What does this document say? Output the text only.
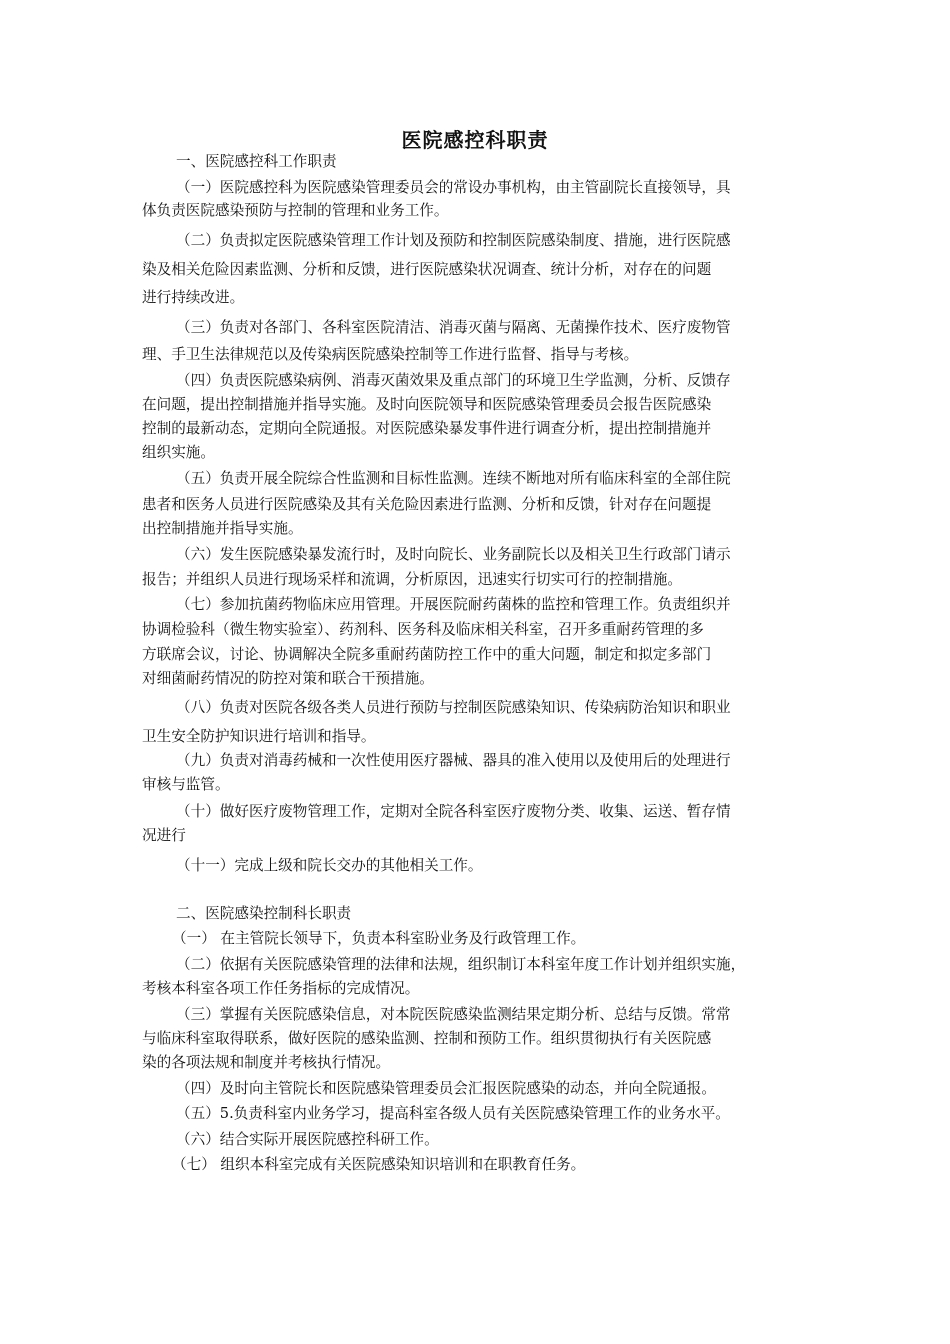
医院感控科职责
一、医院感控科工作职责
（一）医院感控科为医院感染管理委员会的常设办事机构，由主管副院长直接领导，具
体负责医院感染预防与控制的管理和业务工作。
（二）负责拟定医院感染管理工作计划及预防和控制医院感染制度、措施，进行医院感
染及相关危险因素监测、分析和反馈，进行医院感染状况调查、统计分析，对存在的问题
进行持续改进。
（三）负责对各部门、各科室医院清洁、消毒灭菌与隔离、无菌操作技术、医疗废物管
理、手卫生法律规范以及传染病医院感染控制等工作进行监督、指导与考核。
（四）负责医院感染病例、消毒灭菌效果及重点部门的环境卫生学监测，分析、反馈存
在问题，提出控制措施并指导实施。及时向医院领导和医院感染管理委员会报告医院感染
控制的最新动态，定期向全院通报。对医院感染暴发事件进行调查分析，提出控制措施并
组织实施。
（五）负责开展全院综合性监测和目标性监测。连续不断地对所有临床科室的全部住院
患者和医务人员进行医院感染及其有关危险因素进行监测、分析和反馈，针对存在问题提
出控制措施并指导实施。
（六）发生医院感染暴发流行时，及时向院长、业务副院长以及相关卫生行政部门请示
报告；并组织人员进行现场采样和流调，分析原因，迅速实行切实可行的控制措施。
（七）参加抗菌药物临床应用管理。开展医院耐药菌株的监控和管理工作。负责组织并
协调检验科（微生物实验室）、药剂科、医务科及临床相关科室，召开多重耐药管理的多
方联席会议，讨论、协调解决全院多重耐药菌防控工作中的重大问题，制定和拟定多部门
对细菌耐药情况的防控对策和联合干预措施。
（八）负责对医院各级各类人员进行预防与控制医院感染知识、传染病防治知识和职业
卫生安全防护知识进行培训和指导。
（九）负责对消毒药械和一次性使用医疗器械、器具的准入使用以及使用后的处理进行
审核与监管。
（十）做好医疗废物管理工作，定期对全院各科室医疗废物分类、收集、运送、暂存情
况进行
（十一）完成上级和院长交办的其他相关工作。
二、医院感染控制科长职责
（一） 在主管院长领导下，负责本科室盼业务及行政管理工作。
（二）依据有关医院感染管理的法律和法规，组织制订本科室年度工作计划并组织实施，
考核本科室各项工作任务指标的完成情况。
（三）掌握有关医院感染信息，对本院医院感染监测结果定期分析、总结与反馈。常常
与临床科室取得联系，做好医院的感染监测、控制和预防工作。组织贯彻执行有关医院感
染的各项法规和制度并考核执行情况。
（四）及时向主管院长和医院感染管理委员会汇报医院感染的动态，并向全院通报。
（五）5.负责科室内业务学习，提高科室各级人员有关医院感染管理工作的业务水平。
（六）结合实际开展医院感控科研工作。
（七） 组织本科室完成有关医院感染知识培训和在职教育任务。
